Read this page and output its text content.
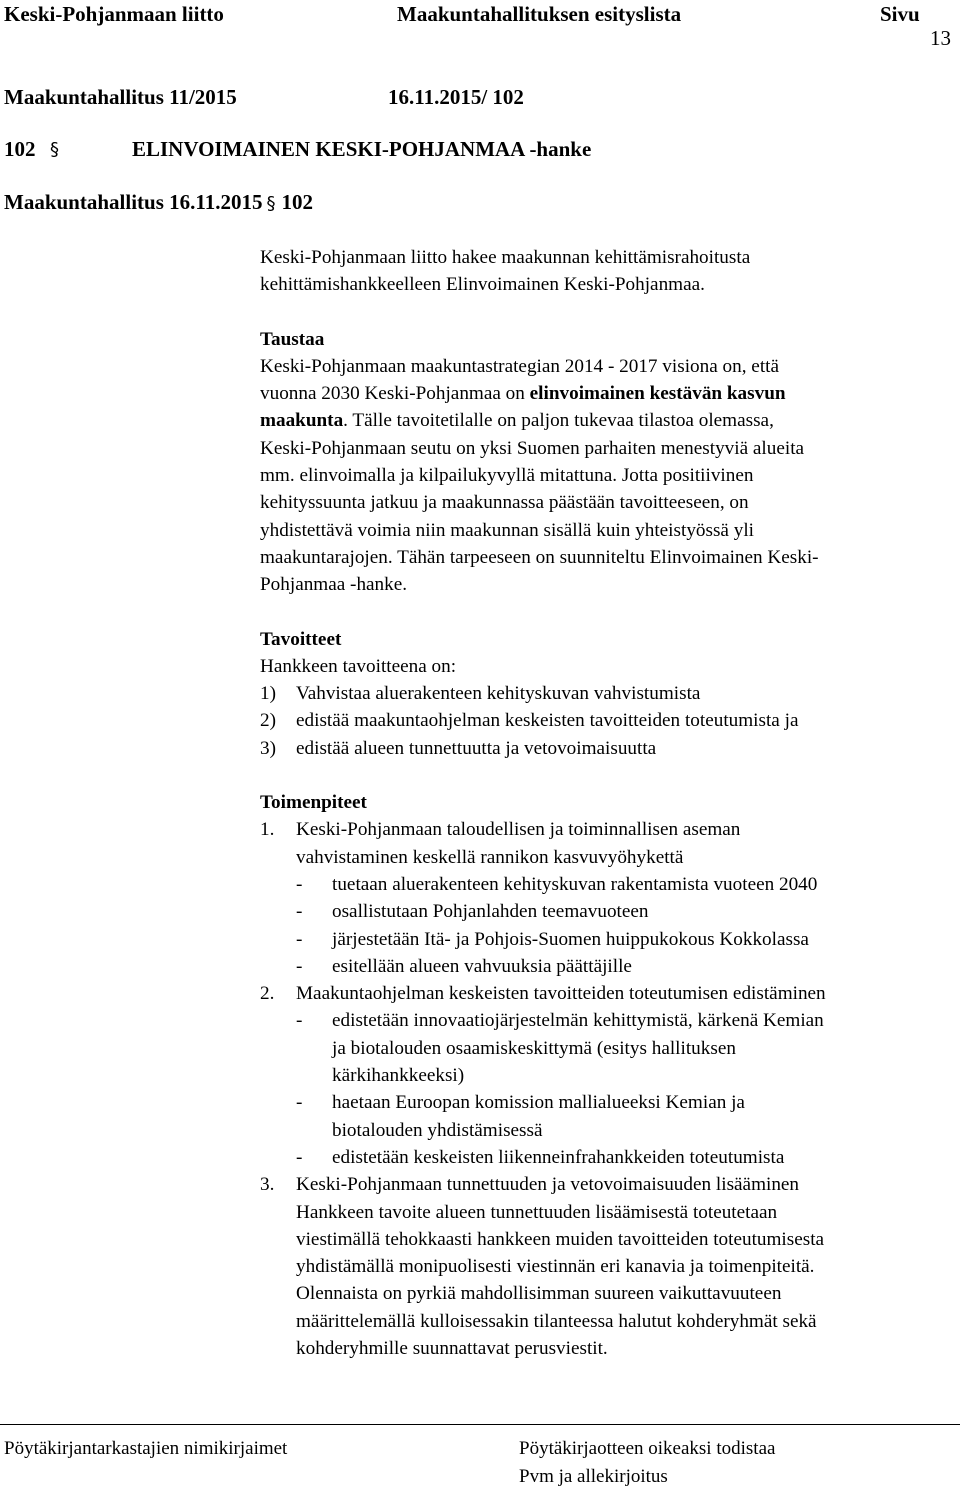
Keski-Pohjanmaan liitto	Maakuntahallituksen esityslista	Sivu
13
Maakuntahallitus 11/2015	16.11.2015/ 102
102 §	ELINVOIMAINEN KESKI-POHJANMAA -hanke
Maakuntahallitus 16.11.2015 § 102
Keski-Pohjanmaan liitto hakee maakunnan kehittämisrahoitusta
kehittämishankkeelleen Elinvoimainen Keski-Pohjanmaa.
Taustaa
Keski-Pohjanmaan maakuntastrategian 2014 - 2017 visiona on, että
vuonna 2030 Keski-Pohjanmaa on elinvoimainen kestävän kasvun
maakunta. Tälle tavoitetilalle on paljon tukevaa tilastoa olemassa,
Keski-Pohjanmaan seutu on yksi Suomen parhaiten menestyviä alueita
mm. elinvoimalla ja kilpailukyvyllä mitattuna. Jotta positiivinen
kehityssuunta jatkuu ja maakunnassa päästään tavoitteeseen, on
yhdistettävä voimia niin maakunnan sisällä kuin yhteistyössä yli
maakuntarajojen. Tähän tarpeeseen on suunniteltu Elinvoimainen Keski-
Pohjanmaa -hanke.
Tavoitteet
Hankkeen tavoitteena on:
1) Vahvistaa aluerakenteen kehityskuvan vahvistumista
2) edistää maakuntaohjelman keskeisten tavoitteiden toteutumista ja
3) edistää alueen tunnettuutta ja vetovoimaisuutta
Toimenpiteet
1. Keski-Pohjanmaan taloudellisen ja toiminnallisen aseman
vahvistaminen keskellä rannikon kasvuvyöhykettä
- tuetaan aluerakenteen kehityskuvan rakentamista vuoteen 2040
- osallistutaan Pohjanlahden teemavuoteen
- järjestetään Itä- ja Pohjois-Suomen huippukokous Kokkolassa
- esitellään alueen vahvuuksia päättäjille
2. Maakuntaohjelman keskeisten tavoitteiden toteutumisen edistäminen
- edistetään innovaatiojärjestelmän kehittymistä, kärkenä Kemian
ja biotalouden osaamiskeskittymä (esitys hallituksen
kärkihankkeeksi)
- haetaan Euroopan komission mallialueeksi Kemian ja
biotalouden yhdistämisessä
- edistetään keskeisten liikenneinfrahankkeiden toteutumista
3. Keski-Pohjanmaan tunnettuuden ja vetovoimaisuuden lisääminen
Hankkeen tavoite alueen tunnettuuden lisäämisestä toteutetaan
viestimällä tehokkaasti hankkeen muiden tavoitteiden toteutumisesta
yhdistämällä monipuolisesti viestinnän eri kanavia ja toimenpiteitä.
Olennaista on pyrkiä mahdollisimman suureen vaikuttavuuteen
määrittelemällä kulloisessakin tilanteessa halutut kohderyhmät sekä
kohderyhmille suunnattavat perusviestit.
Pöytäkirjantarkastajien nimikirjaimet	Pöytäkirjaotteen oikeaksi todistaa
Pvm ja allekirjoitus
